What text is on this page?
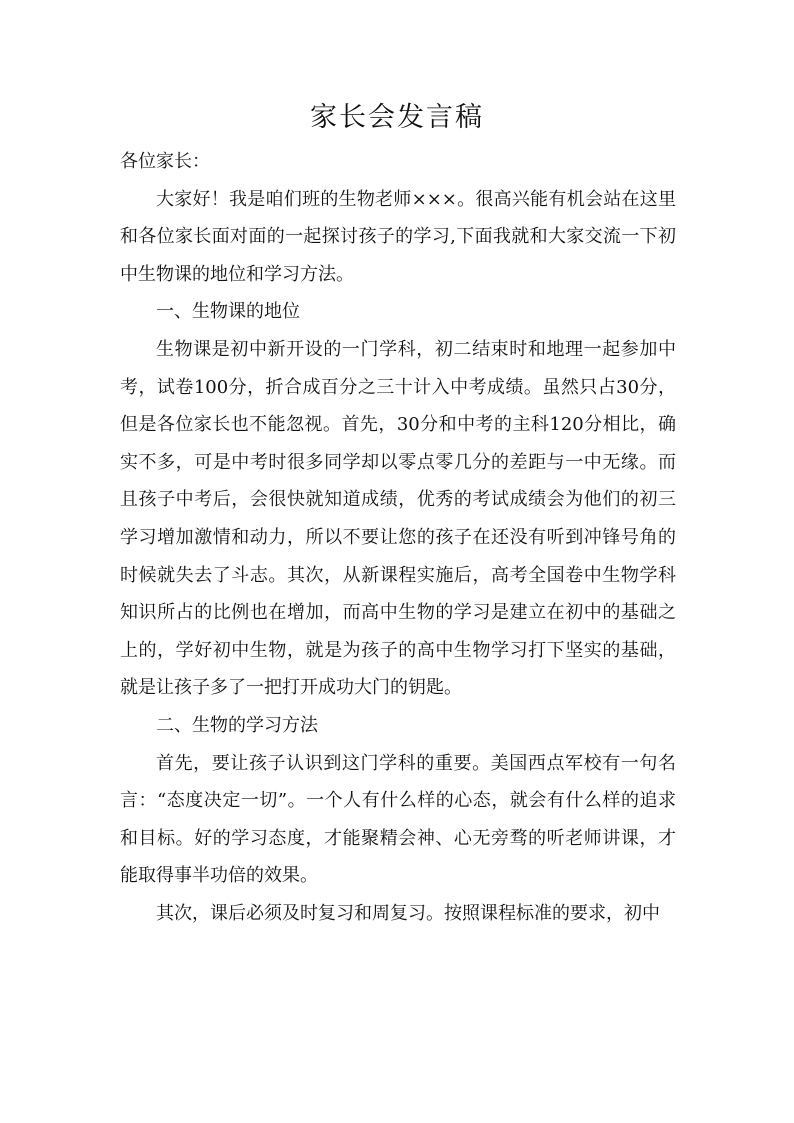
家长会发言稿

各位家长：

大家好！我是咱们班的生物老师×××。很高兴能有机会站在这里和各位家长面对面的一起探讨孩子的学习,下面我就和大家交流一下初中生物课的地位和学习方法。

一、生物课的地位

生物课是初中新开设的一门学科，初二结束时和地理一起参加中考，试卷100分，折合成百分之三十计入中考成绩。虽然只占30分，但是各位家长也不能忽视。首先，30分和中考的主科120分相比，确实不多，可是中考时很多同学却以零点零几分的差距与一中无缘。而且孩子中考后，会很快就知道成绩，优秀的考试成绩会为他们的初三学习增加激情和动力，所以不要让您的孩子在还没有听到冲锋号角的时候就失去了斗志。其次，从新课程实施后，高考全国卷中生物学科知识所占的比例也在增加，而高中生物的学习是建立在初中的基础之上的，学好初中生物，就是为孩子的高中生物学习打下坚实的基础，就是让孩子多了一把打开成功大门的钥匙。

二、生物的学习方法

首先，要让孩子认识到这门学科的重要。美国西点军校有一句名言：“态度决定一切”。一个人有什么样的心态，就会有什么样的追求和目标。好的学习态度，才能聚精会神、心无旁骛的听老师讲课，才能取得事半功倍的效果。

其次，课后必须及时复习和周复习。按照课程标准的要求，初中
